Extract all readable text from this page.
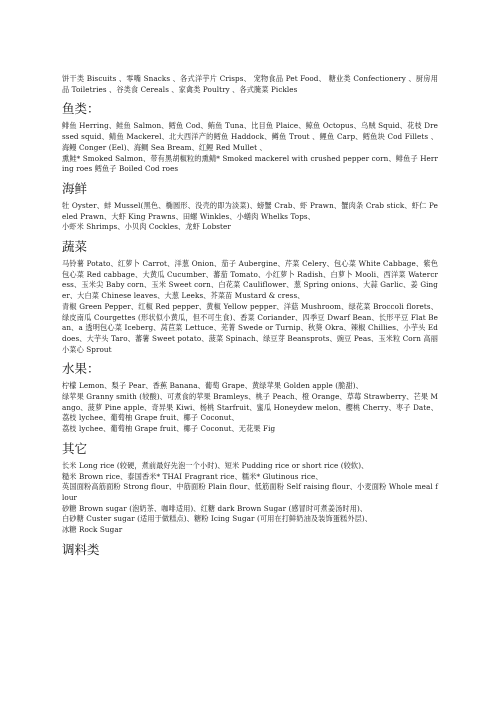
饼干类 Biscuits 、零嘴 Snacks 、各式洋芋片 Crisps、 宠物食品 Pet Food、 糖业类 Confectionery 、厨房用品 Toiletries 、谷类食 Cereals 、家禽类 Poultry 、各式腌菜 Pickles

鱼类：

鲱鱼 Herring、鲑鱼 Salmon、鳕鱼 Cod、鲔鱼 Tuna、比目鱼 Plaice、鲸鱼 Octopus、乌贼 Squid、花枝 Dressed squid、鲭鱼 Mackerel、北大西洋产的鳕鱼 Haddock、鳟鱼 Trout 、鲤鱼 Carp、鳕鱼块 Cod Fillets 、海鳗 Conger (Eel)、海鲷 Sea Bream、红鲤 Red Mullet 、

熏鲑* Smoked Salmon、带有黑胡椒粒的熏鲭* Smoked mackerel with crushed pepper corn、鲱鱼子 Herring roes 鳕鱼子 Boiled Cod roes

海鲜

牡 Oyster、蚌 Mussel(黑色、椭圆形、没壳的即为淡菜)、螃蟹 Crab、虾 Prawn、蟹肉条 Crab stick、虾仁 Peeled Prawn、大虾 King Prawns、田螺 Winkles、小蟮肉 Whelks Tops、

小虾米 Shrimps、小贝肉 Cockles、龙虾 Lobster

蔬菜

马铃薯 Potato、红萝卜 Carrot、洋葱 Onion、茄子 Aubergine、芹菜 Celery、包心菜 White Cabbage、紫色包心菜 Red cabbage、大黄瓜 Cucumber、蕃茄 Tomato、小红萝卜 Radish、白萝卜 Mooli、西洋菜 Watercress、玉米尖 Baby corn、玉米 Sweet corn、白花菜 Cauliflower、葱 Spring onions、大蒜 Garlic、姜 Ginger、大白菜 Chinese leaves、大葱 Leeks、芥菜苗 Mustard & cress、

青椒 Green Pepper、红椒 Red pepper、黄椒 Yellow pepper、洋菇 Mushroom、绿花菜 Broccoli florets、绿皮南瓜 Courgettes (形状似小黄瓜，但不可生食)、香菜 Coriander、四季豆 Dwarf Bean、长形平豆 Flat Bean、a 透明包心菜 Iceberg、莴苣菜 Lettuce、芜菁 Swede or Turnip、秋葵 Okra、辣椒 Chillies、小芋头 Eddoes、大芋头 Taro、蕃薯 Sweet potato、菠菜 Spinach、绿豆芽 Beansprots、豌豆 Peas、玉米粒 Corn 高丽小菜心 Sprout

水果：

柠檬 Lemon、梨子 Pear、香蕉 Banana、葡萄 Grape、黄绿苹果 Golden apple (脆甜)、

绿苹果 Granny smith (较酸)、可煮食的苹果 Bramleys、桃子 Peach、橙 Orange、草莓 Strawberry、芒果 Mango、菠萝 Pine apple、奇异果 Kiwi、杨桃 Starfruit、蜜瓜 Honeydew melon、樱桃 Cherry、枣子 Date、荔枝 lychee、葡萄柚 Grape fruit、椰子 Coconut、

荔枝 lychee、葡萄柚 Grape fruit、椰子 Coconut、无花果 Fig

其它

长米 Long rice (较硬，煮前最好先泡一个小时)、短米 Pudding rice or short rice (较软)、

糙米 Brown rice、泰国香米* THAI Fragrant rice、糯米* Glutinous rice、

英国面粉高筋面粉 Strong flour、中筋面粉 Plain flour、低筋面粉 Self raising flour、小麦面粉 Whole meal flour

砂糖 Brown sugar (泡奶茶、咖啡适用)、红糖 dark Brown Sugar (感冒时可煮姜汤时用)、

白砂糖 Custer sugar (适用于做糕点)、糖粉 Icing Sugar (可用在打鲜奶油及装饰蛋糕外层)、

冰糖 Rock Sugar

调料类
